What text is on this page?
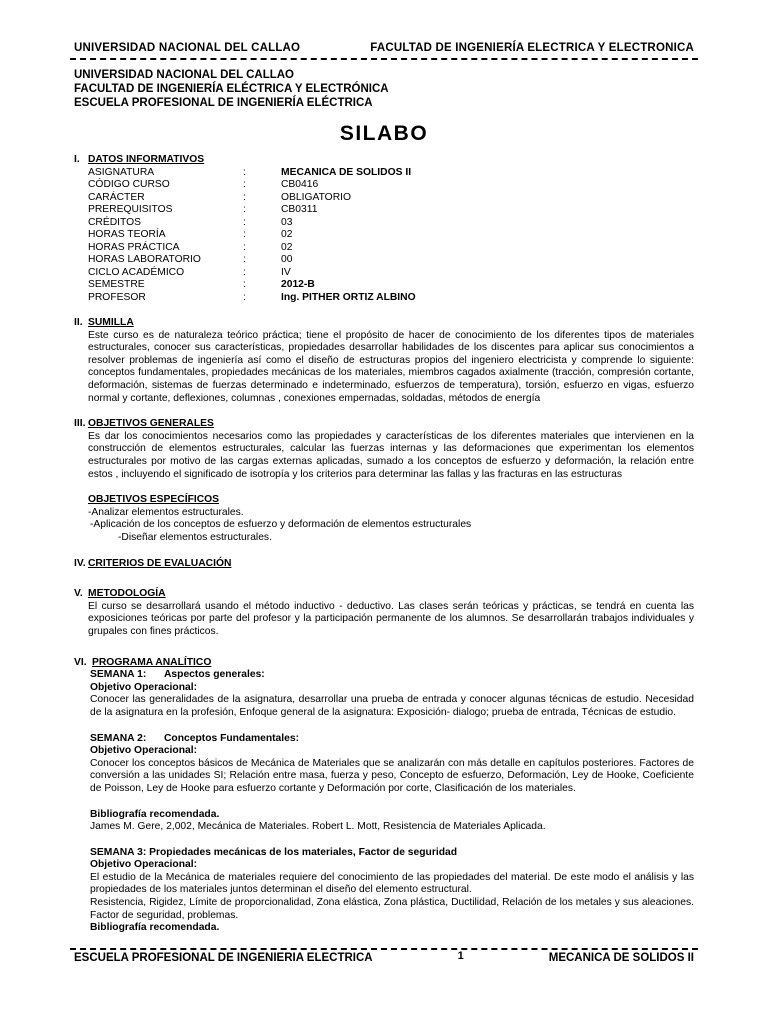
UNIVERSIDAD NACIONAL DEL CALLAO	FACULTAD DE INGENIERÍA ELECTRICA Y ELECTRONICA
UNIVERSIDAD NACIONAL DEL CALLAO
FACULTAD DE INGENIERÍA ELÉCTRICA Y ELECTRÓNICA
ESCUELA PROFESIONAL DE INGENIERÍA ELÉCTRICA
SILABO
I. DATOS INFORMATIVOS
ASIGNATURA	:	MECANICA DE SOLIDOS II
CÓDIGO CURSO	:	CB0416
CARÁCTER	:	OBLIGATORIO
PREREQUISITOS	:	CB0311
CRÉDITOS	:	03
HORAS TEORÍA	:	02
HORAS PRÁCTICA	:	02
HORAS LABORATORIO	:	00
CICLO ACADÉMICO	:	IV
SEMESTRE	:	2012-B
PROFESOR	:	Ing. PITHER ORTIZ ALBINO
II. SUMILLA
Este curso es de naturaleza teórico práctica; tiene el propósito de hacer de conocimiento de los diferentes tipos de materiales estructurales, conocer sus características, propiedades desarrollar habilidades de los discentes para aplicar sus conocimientos a resolver problemas de ingeniería así como el diseño de estructuras propios del ingeniero electricista y comprende lo siguiente: conceptos fundamentales, propiedades mecánicas de los materiales, miembros cagados axialmente (tracción, compresión cortante, deformación, sistemas de fuerzas determinado e indeterminado, esfuerzos de temperatura), torsión, esfuerzo en vigas, esfuerzo normal y cortante, deflexiones, columnas , conexiones empernadas, soldadas, métodos de energía
III. OBJETIVOS GENERALES
Es dar los conocimientos necesarios como las propiedades y características de los diferentes materiales que intervienen en la construcción de elementos estructurales, calcular las fuerzas internas y las deformaciones que experimentan los elementos estructurales por motivo de las cargas externas aplicadas, sumado a los conceptos de esfuerzo y deformación, la relación entre estos , incluyendo el significado de isotropía y los criterios para determinar las fallas y las fracturas en las estructuras
OBJETIVOS ESPECÍFICOS
-Analizar elementos estructurales.
-Aplicación de los conceptos de esfuerzo y deformación de elementos estructurales
-Diseñar elementos estructurales.
IV. CRITERIOS DE EVALUACIÓN
V. METODOLOGÍA
El curso se desarrollará usando el método inductivo - deductivo. Las clases serán teóricas y prácticas, se tendrá en cuenta las exposiciones teóricas por parte del profesor y la participación permanente de los alumnos. Se desarrollarán trabajos individuales y grupales con fines prácticos.
VI. PROGRAMA ANALÍTICO
SEMANA 1:	Aspectos generales:
Objetivo Operacional:
Conocer las generalidades de la asignatura, desarrollar una prueba de entrada y conocer algunas técnicas de estudio. Necesidad de la asignatura en la profesión, Enfoque general de la asignatura: Exposición- dialogo; prueba de entrada, Técnicas de estudio.
SEMANA 2:	Conceptos Fundamentales:
Objetivo Operacional:
Conocer los conceptos básicos de Mecánica de Materiales que se analizarán con más detalle en capítulos posteriores. Factores de conversión a las unidades SI; Relación entre masa, fuerza y peso, Concepto de esfuerzo, Deformación, Ley de Hooke, Coeficiente de Poisson, Ley de Hooke para esfuerzo cortante y Deformación por corte, Clasificación de los materiales.
Bibliografía recomendada.
James M. Gere, 2,002, Mecánica de Materiales. Robert L. Mott, Resistencia de Materiales Aplicada.
SEMANA 3: Propiedades mecánicas de los materiales, Factor de seguridad
Objetivo Operacional:
El estudio de la Mecánica de materiales requiere del conocimiento de las propiedades del material. De este modo el análisis y las propiedades de los materiales juntos determinan el diseño del elemento estructural.
Resistencia, Rigidez, Límite de proporcionalidad, Zona elástica, Zona plástica, Ductilidad, Relación de los metales y sus aleaciones. Factor de seguridad, problemas.
Bibliografía recomendada.
ESCUELA PROFESIONAL DE INGENIERIA ELECTRICA	1	MECANICA DE SOLIDOS II
